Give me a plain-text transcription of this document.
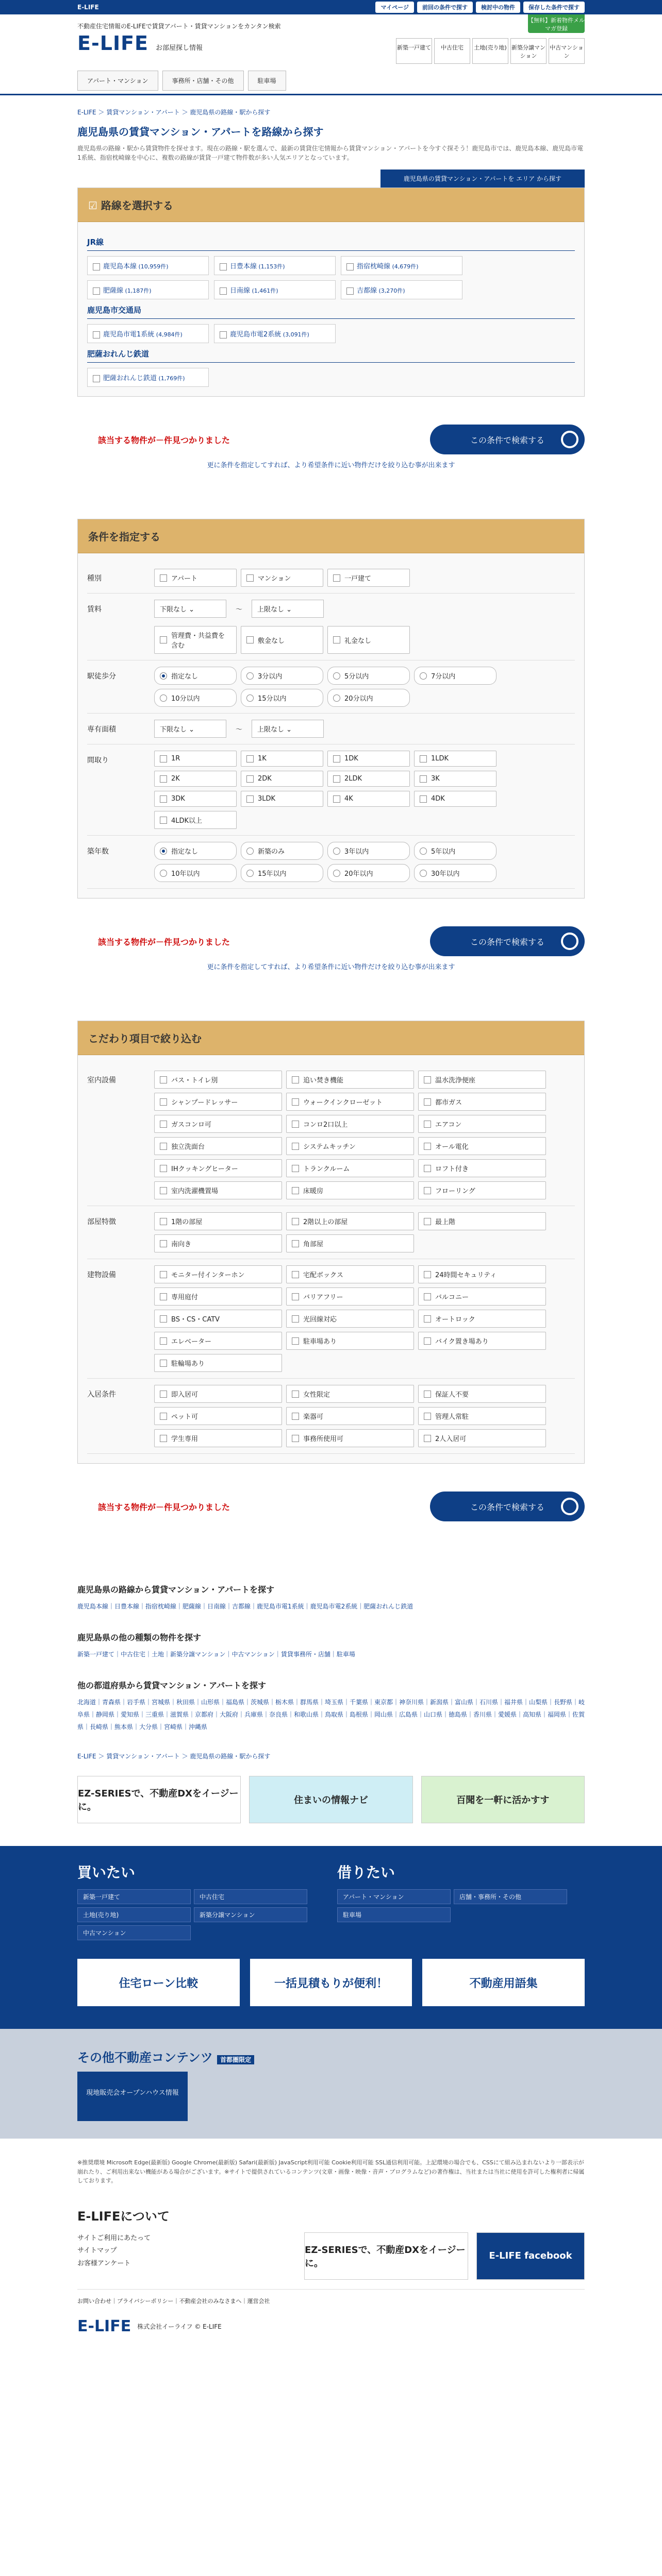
E-LIFE	マイページ	前回の条件で探す	検討中の物件	保存した条件で探す
不動産住宅情報のE-LIFEで賃貸アパート・賃貸マンションをカンタン検索
E-LIFE お部屋探し情報
【無料】新着物件メルマガ登録
新築一戸建て	中古住宅	土地(売り地) 新築分譲マンション
中古マンション
アパート・マンション	事務所・店舗・その他	駐車場
E-LIFE ＞ 賃貸マンション・アパート ＞ 鹿児島県の路線・駅から探す
鹿児島県の賃貸マンション・アパートを路線から探す

鹿児島県の路線・駅から賃貸物件を探せます。現在の路線・駅を選んで、最新の賃貸住宅情報から賃貸マンション・アパートを今すぐ探そう！鹿児島市では、鹿児島本線、鹿児島市電1系統、指宿枕崎線を中心に、複数の路線が賃貸一戸建て物件数が多い人気エリアとなっています。

鹿児島県の賃貸マンション・アパートを エリア から探す
☑ 路線を選択する
JR線
鹿児島本線 (10,959件)	日豊本線 (1,153件)	指宿枕崎線 (4,679件)
肥薩線 (1,187件)	日南線 (1,461件)	吉都線 (3,270件)
鹿児島市交通局
鹿児島市電1系統 (4,984件)	鹿児島市電2系統 (3,091件)
肥薩おれんじ鉄道
肥薩おれんじ鉄道 (1,769件)
該当する物件が－件見つかりました	この条件で検索する
更に条件を指定してすれば、より希望条件に近い物件だけを絞り込む事が出来ます
条件を指定する
種別	アパート	マンション	一戸建て
賃料	下限なし ⌄	～	上限なし ⌄
管理費・共益費を含む
敷金なし	礼金なし
駅徒歩分	指定なし	3分以内	5分以内	7分以内
10分以内	15分以内	20分以内
専有面積	下限なし ⌄	～	上限なし ⌄
間取り	1R	1K	1DK	1LDK
2K	2DK	2LDK	3K
3DK	3LDK	4K	4DK
4LDK以上
築年数	指定なし	新築のみ	3年以内	5年以内
10年以内	15年以内	20年以内	30年以内
該当する物件が－件見つかりました	この条件で検索する
更に条件を指定してすれば、より希望条件に近い物件だけを絞り込む事が出来ます
こだわり項目で絞り込む
室内設備	バス・トイレ別	追い焚き機能	温水洗浄便座
シャンプードレッサー	ウォークインクローゼット	都市ガス
ガスコンロ可	コンロ2口以上	エアコン
独立洗面台	システムキッチン	オール電化
IHクッキングヒーター	トランクルーム	ロフト付き
室内洗濯機置場	床暖房	フローリング
部屋特徴	1階の部屋	2階以上の部屋	最上階
南向き	角部屋
建物設備	モニター付インターホン	宅配ボックス	24時間セキュリティ
専用庭付	バリアフリー	バルコニー
BS・CS・CATV	光回線対応	オートロック
エレベーター	駐車場あり	バイク置き場あり
駐輪場あり
入居条件	即入居可	女性限定	保証人不要
ペット可	楽器可	管理人常駐
学生専用	事務所使用可	2人入居可
該当する物件が－件見つかりました	この条件で検索する
鹿児島県の路線から賃貸マンション・アパートを探す
鹿児島本線｜日豊本線｜指宿枕崎線｜肥薩線｜日南線｜吉都線｜鹿児島市電1系統｜鹿児島市電2系統｜肥薩おれんじ鉄道
鹿児島県の他の種類の物件を探す
新築一戸建て｜中古住宅｜土地｜新築分譲マンション｜中古マンション｜賃貸事務所・店舗｜駐車場
他の都道府県から賃貸マンション・アパートを探す
北海道｜青森県｜岩手県｜宮城県｜秋田県｜山形県｜福島県｜茨城県｜栃木県｜群馬県｜埼玉県｜千葉県｜東京都｜神奈川県｜新潟県｜富山県｜石川県｜福井県｜山梨県｜長野県｜岐阜県｜静岡県｜愛知県｜三重県｜滋賀県｜京都府｜大阪府｜兵庫県｜奈良県｜和歌山県｜鳥取県｜島根県｜岡山県｜広島県｜山口県｜徳島県｜香川県｜愛媛県｜高知県｜福岡県｜佐賀県｜長崎県｜熊本県｜大分県｜宮崎県｜沖縄県
E-LIFE ＞ 賃貸マンション・アパート ＞ 鹿児島県の路線・駅から探す
EZ-SERIESで、不動産DXをイージーに。
住まいの情報ナビ	百聞を一軒に活かすす
買いたい
新築一戸建て	中古住宅
土地(売り地)	新築分譲マンション
中古マンション
借りたい
アパート・マンション	店舗・事務所・その他
駐車場
住宅ローン比較	一括見積もりが便利！	不動産用語集
その他不動産コンテンツ 首都圏限定
現地販売会オープンハウス情報
※推奨環境 Microsoft Edge(最新版) Google Chrome(最新版) Safari(最新版) JavaScript利用可能 Cookie利用可能 SSL通信利用可能。上記環境の場合でも、CSSにて組み込まれないより一部表示が崩れたり、ご利用出来ない機能がある場合がございます。※サイトで提供されているコンテンツ(文章・画像・映像・音声・プログラムなど)の著作権は、当社または当社に使用を許可した権利者に帰属しております。
E-LIFEについて
サイトご利用にあたって
サイトマップ
お客様アンケート
EZ-SERIESで、不動産DXをイージーに。
E-LIFE facebook
お問い合わせ｜プライバシーポリシー｜不動産会社のみなさまへ｜運営会社
E-LIFE 株式会社イーライフ © E-LIFE
